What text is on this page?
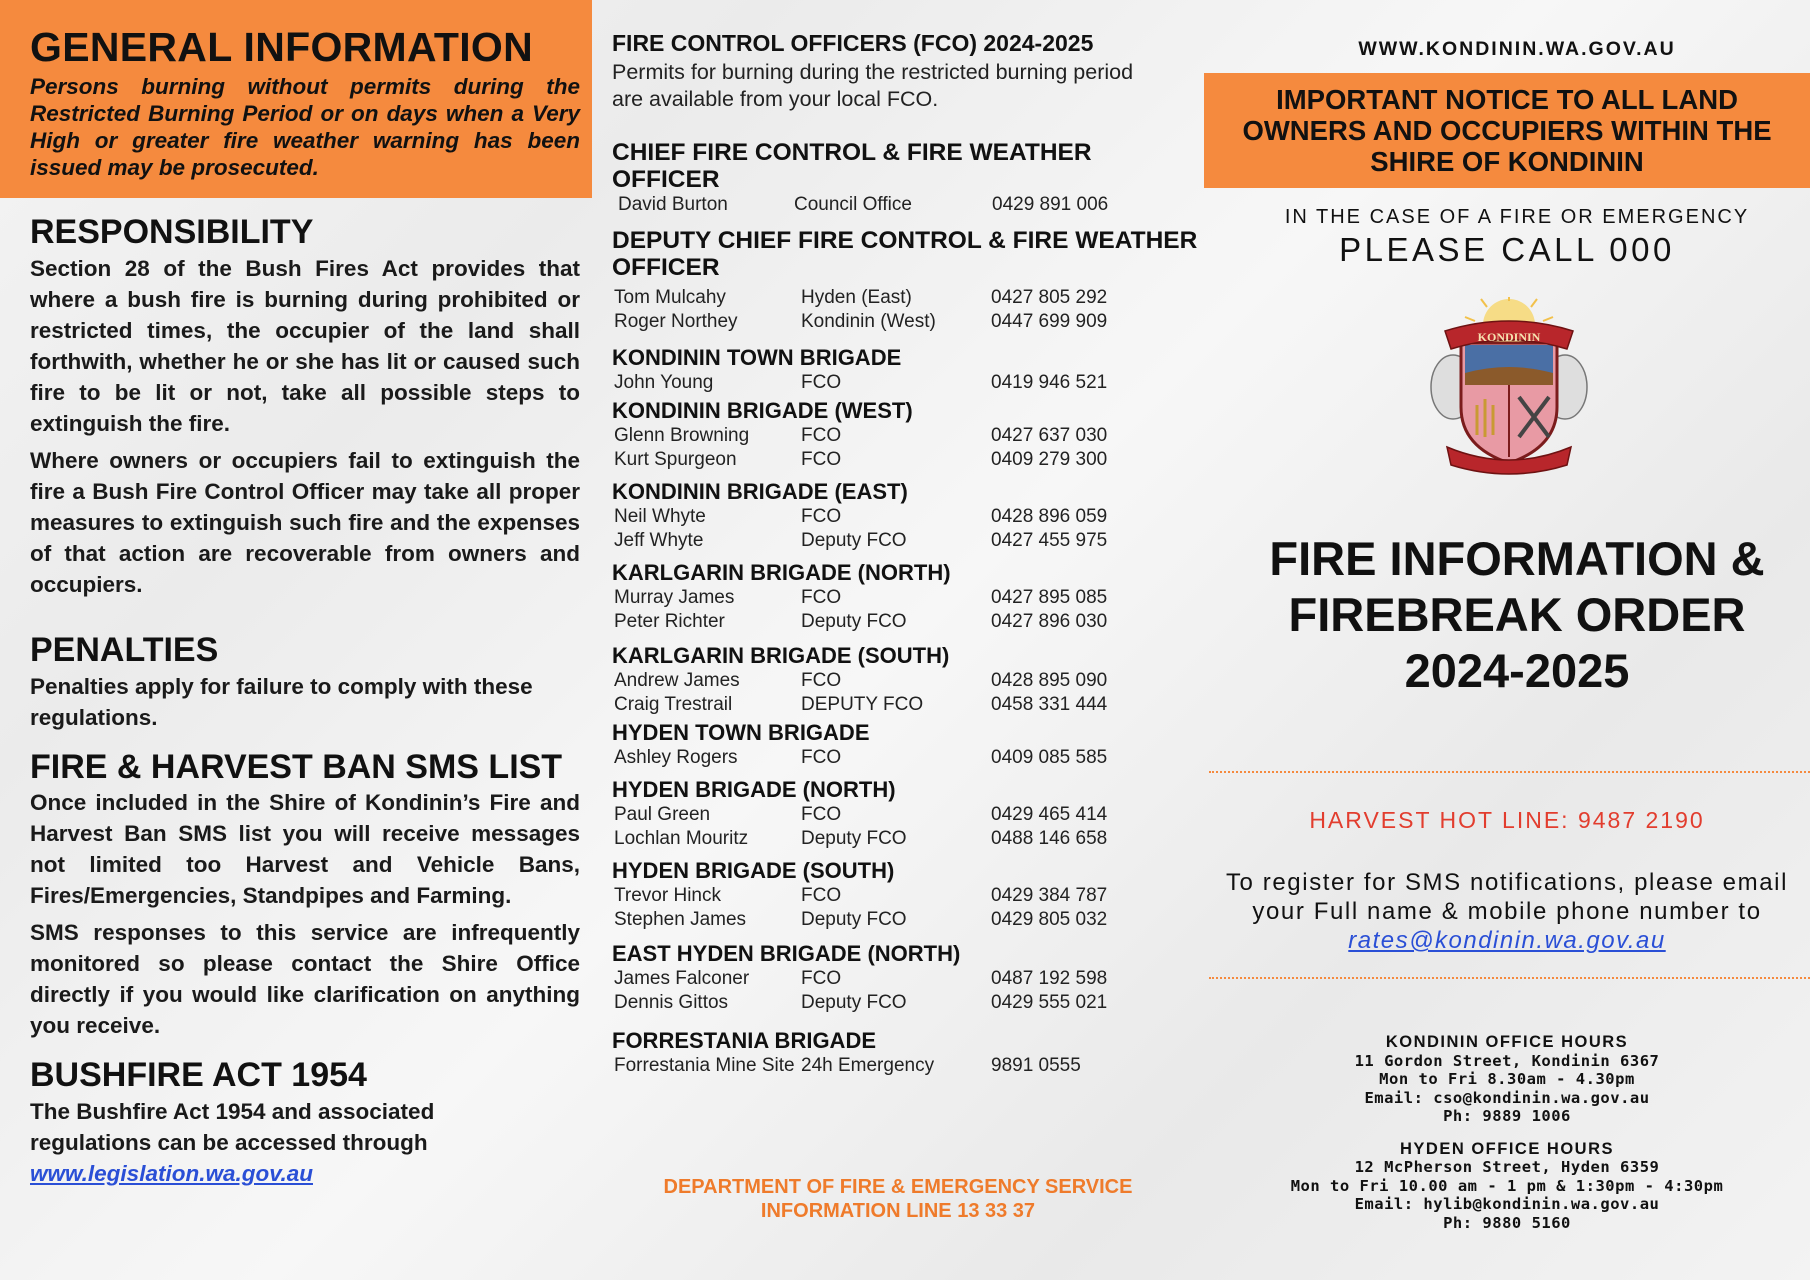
GENERAL INFORMATION
Persons burning without permits during the Restricted Burning Period or on days when a Very High or greater fire weather warning has been issued may be prosecuted.
RESPONSIBILITY
Section 28 of the Bush Fires Act provides that where a bush fire is burning during prohibited or restricted times, the occupier of the land shall forthwith, whether he or she has lit or caused such fire to be lit or not, take all possible steps to extinguish the fire.
Where owners or occupiers fail to extinguish the fire a Bush Fire Control Officer may take all proper measures to extinguish such fire and the expenses of that action are recoverable from owners and occupiers.
PENALTIES
Penalties apply for failure to comply with these regulations.
FIRE & HARVEST BAN SMS LIST
Once included in the Shire of Kondinin’s Fire and Harvest Ban SMS list you will receive messages not limited too Harvest and Vehicle Bans, Fires/Emergencies, Standpipes and Farming.
SMS responses to this service are infrequently monitored so please contact the Shire Office directly if you would like clarification on anything you receive.
BUSHFIRE ACT 1954
The Bushfire Act 1954 and associated regulations can be accessed through
www.legislation.wa.gov.au
FIRE CONTROL OFFICERS (FCO) 2024-2025
Permits for burning during the restricted burning period are available from your local FCO.
CHIEF FIRE CONTROL & FIRE WEATHER OFFICER
David Burton	Council Office	0429 891 006
DEPUTY CHIEF FIRE CONTROL & FIRE WEATHER OFFICER
Tom Mulcahy	Hyden (East)	0427 805 292
Roger Northey	Kondinin (West)	0447 699 909
KONDININ TOWN BRIGADE
John Young	FCO	0419 946 521
KONDININ BRIGADE (WEST)
Glenn Browning	FCO	0427 637 030
Kurt Spurgeon	FCO	0409 279 300
KONDININ BRIGADE (EAST)
Neil Whyte	FCO	0428 896 059
Jeff Whyte	Deputy FCO	0427 455 975
KARLGARIN BRIGADE (NORTH)
Murray James	FCO	0427 895 085
Peter Richter	Deputy FCO	0427 896 030
KARLGARIN BRIGADE (SOUTH)
Andrew James	FCO	0428 895 090
Craig Trestrail	DEPUTY FCO	0458 331 444
HYDEN TOWN BRIGADE
Ashley Rogers	FCO	0409 085 585
HYDEN BRIGADE (NORTH)
Paul Green	FCO	0429 465 414
Lochlan Mouritz	Deputy FCO	0488 146 658
HYDEN BRIGADE (SOUTH)
Trevor Hinck	FCO	0429 384 787
Stephen James	Deputy FCO	0429 805 032
EAST HYDEN BRIGADE (NORTH)
James Falconer	FCO	0487 192 598
Dennis Gittos	Deputy FCO	0429 555 021
FORRESTANIA BRIGADE
Forrestania Mine Site 24h Emergency	9891 0555
DEPARTMENT OF FIRE & EMERGENCY SERVICE
INFORMATION LINE 13 33 37
WWW.KONDININ.WA.GOV.AU
IMPORTANT NOTICE TO ALL LAND OWNERS AND OCCUPIERS WITHIN THE SHIRE OF KONDININ
IN THE CASE OF A FIRE OR EMERGENCY
PLEASE CALL 000
KONDININ
FIRE INFORMATION &
FIREBREAK ORDER
2024-2025
HARVEST HOT LINE: 9487 2190
To register for SMS notifications, please email your Full name & mobile phone number to
rates@kondinin.wa.gov.au
KONDININ OFFICE HOURS
11 Gordon Street, Kondinin 6367
Mon to Fri 8.30am - 4.30pm
Email: cso@kondinin.wa.gov.au
Ph: 9889 1006
HYDEN OFFICE HOURS
12 McPherson Street, Hyden 6359
Mon to Fri 10.00 am - 1 pm & 1:30pm - 4:30pm
Email: hylib@kondinin.wa.gov.au
Ph: 9880 5160
